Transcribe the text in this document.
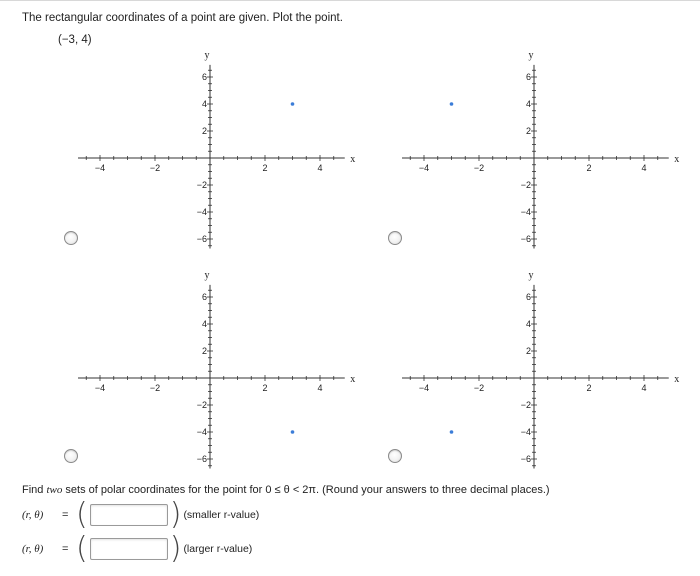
The rectangular coordinates of a point are given. Plot the point.
(−3, 4)
−4	−2	2	4
6
4
2
−2
−4
−6
x
y
−4	−2	2	4
6
4
2
−2
−4
−6
x
y
−4	−2	2	4
6
4
2
−2
−4
−6
x
y
−4	−2	2	4
6
4
2
−2
−4
−6
x
y
Find two sets of polar coordinates for the point for 0 ≤ θ < 2π. (Round your answers to three decimal places.)
(r, θ)	= (	) (smaller r-value)
(r, θ)	= (	) (larger r-value)
